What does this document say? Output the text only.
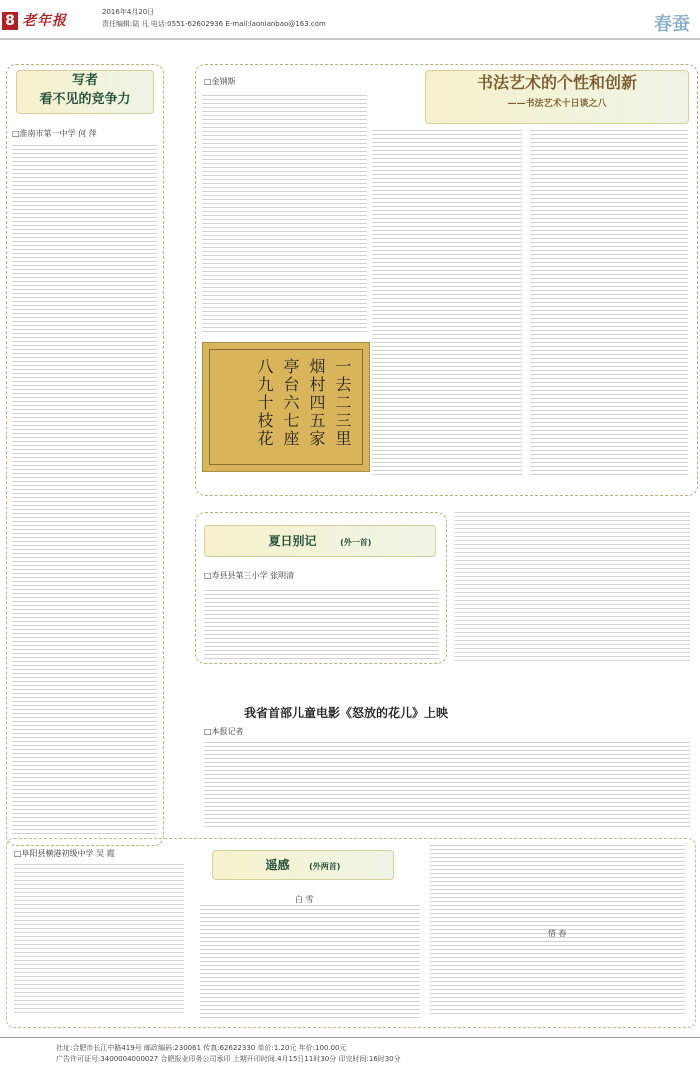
8 老年报
2016年4月20日
责任编辑:陆 凡 电话:0551-62602936 E-mail:laonianbao@163.com	春蚕
写者
看不见的竞争力
□淮南市第一中学 何 萍
□金钢斯	书法艺术的个性和创新
——书法艺术十日谈之八
一去二三里
烟村四五家
亭台六七座
八九十枝花
夏日别记	(外一首)
□寿县县第三小学 张明清
我省首部儿童电影《怒放的花儿》上映
□本报记者
□阜阳县横港初级中学 吴 霞
遥感 (外两首)
白 雪
惜 春
社址:合肥市长江中路419号 邮政编码:230061 传真:62622330 单价:1.20元 年价:100.00元
广告许可证号:3400004000027 合肥报业印务公司承印 上期开印时间:4月15日11时30分 印完时间:16时30分
